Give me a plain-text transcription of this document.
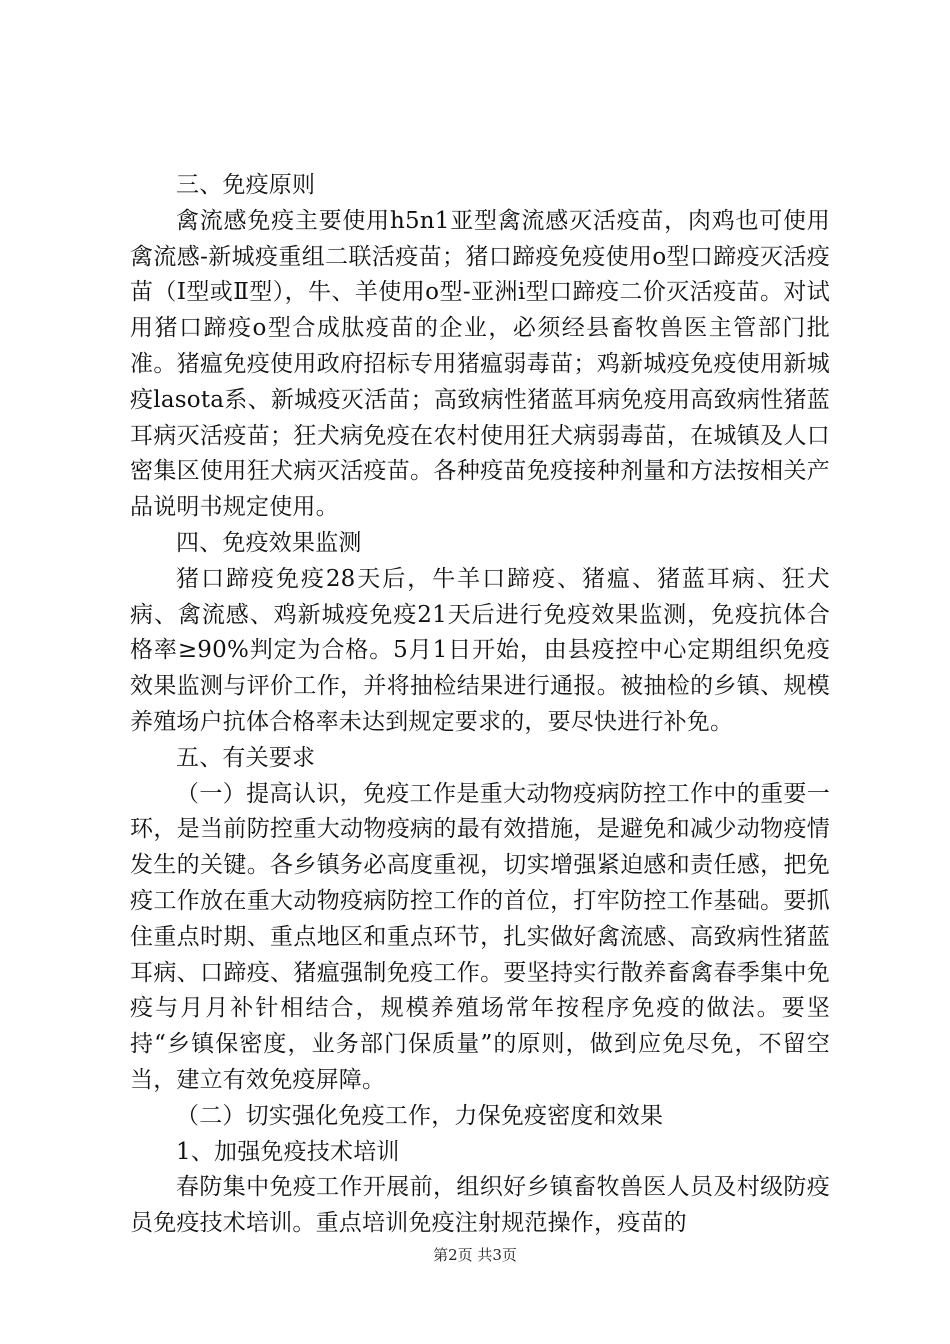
三、免疫原则

禽流感免疫主要使用h5n1亚型禽流感灭活疫苗，肉鸡也可使用禽流感-新城疫重组二联活疫苗；猪口蹄疫免疫使用o型口蹄疫灭活疫苗（Ⅰ型或Ⅱ型），牛、羊使用o型-亚洲i型口蹄疫二价灭活疫苗。对试用猪口蹄疫o型合成肽疫苗的企业，必须经县畜牧兽医主管部门批准。猪瘟免疫使用政府招标专用猪瘟弱毒苗；鸡新城疫免疫使用新城疫lasota系、新城疫灭活苗；高致病性猪蓝耳病免疫用高致病性猪蓝耳病灭活疫苗；狂犬病免疫在农村使用狂犬病弱毒苗，在城镇及人口密集区使用狂犬病灭活疫苗。各种疫苗免疫接种剂量和方法按相关产品说明书规定使用。

四、免疫效果监测

猪口蹄疫免疫28天后，牛羊口蹄疫、猪瘟、猪蓝耳病、狂犬病、禽流感、鸡新城疫免疫21天后进行免疫效果监测，免疫抗体合格率≥90%判定为合格。5月1日开始，由县疫控中心定期组织免疫效果监测与评价工作，并将抽检结果进行通报。被抽检的乡镇、规模养殖场户抗体合格率未达到规定要求的，要尽快进行补免。

五、有关要求

（一）提高认识，免疫工作是重大动物疫病防控工作中的重要一环，是当前防控重大动物疫病的最有效措施，是避免和减少动物疫情发生的关键。各乡镇务必高度重视，切实增强紧迫感和责任感，把免疫工作放在重大动物疫病防控工作的首位，打牢防控工作基础。要抓住重点时期、重点地区和重点环节，扎实做好禽流感、高致病性猪蓝耳病、口蹄疫、猪瘟强制免疫工作。要坚持实行散养畜禽春季集中免疫与月月补针相结合，规模养殖场常年按程序免疫的做法。要坚持“乡镇保密度，业务部门保质量”的原则，做到应免尽免，不留空当，建立有效免疫屏障。

（二）切实强化免疫工作，力保免疫密度和效果

1、加强免疫技术培训

春防集中免疫工作开展前，组织好乡镇畜牧兽医人员及村级防疫员免疫技术培训。重点培训免疫注射规范操作，疫苗的

第2页 共3页
